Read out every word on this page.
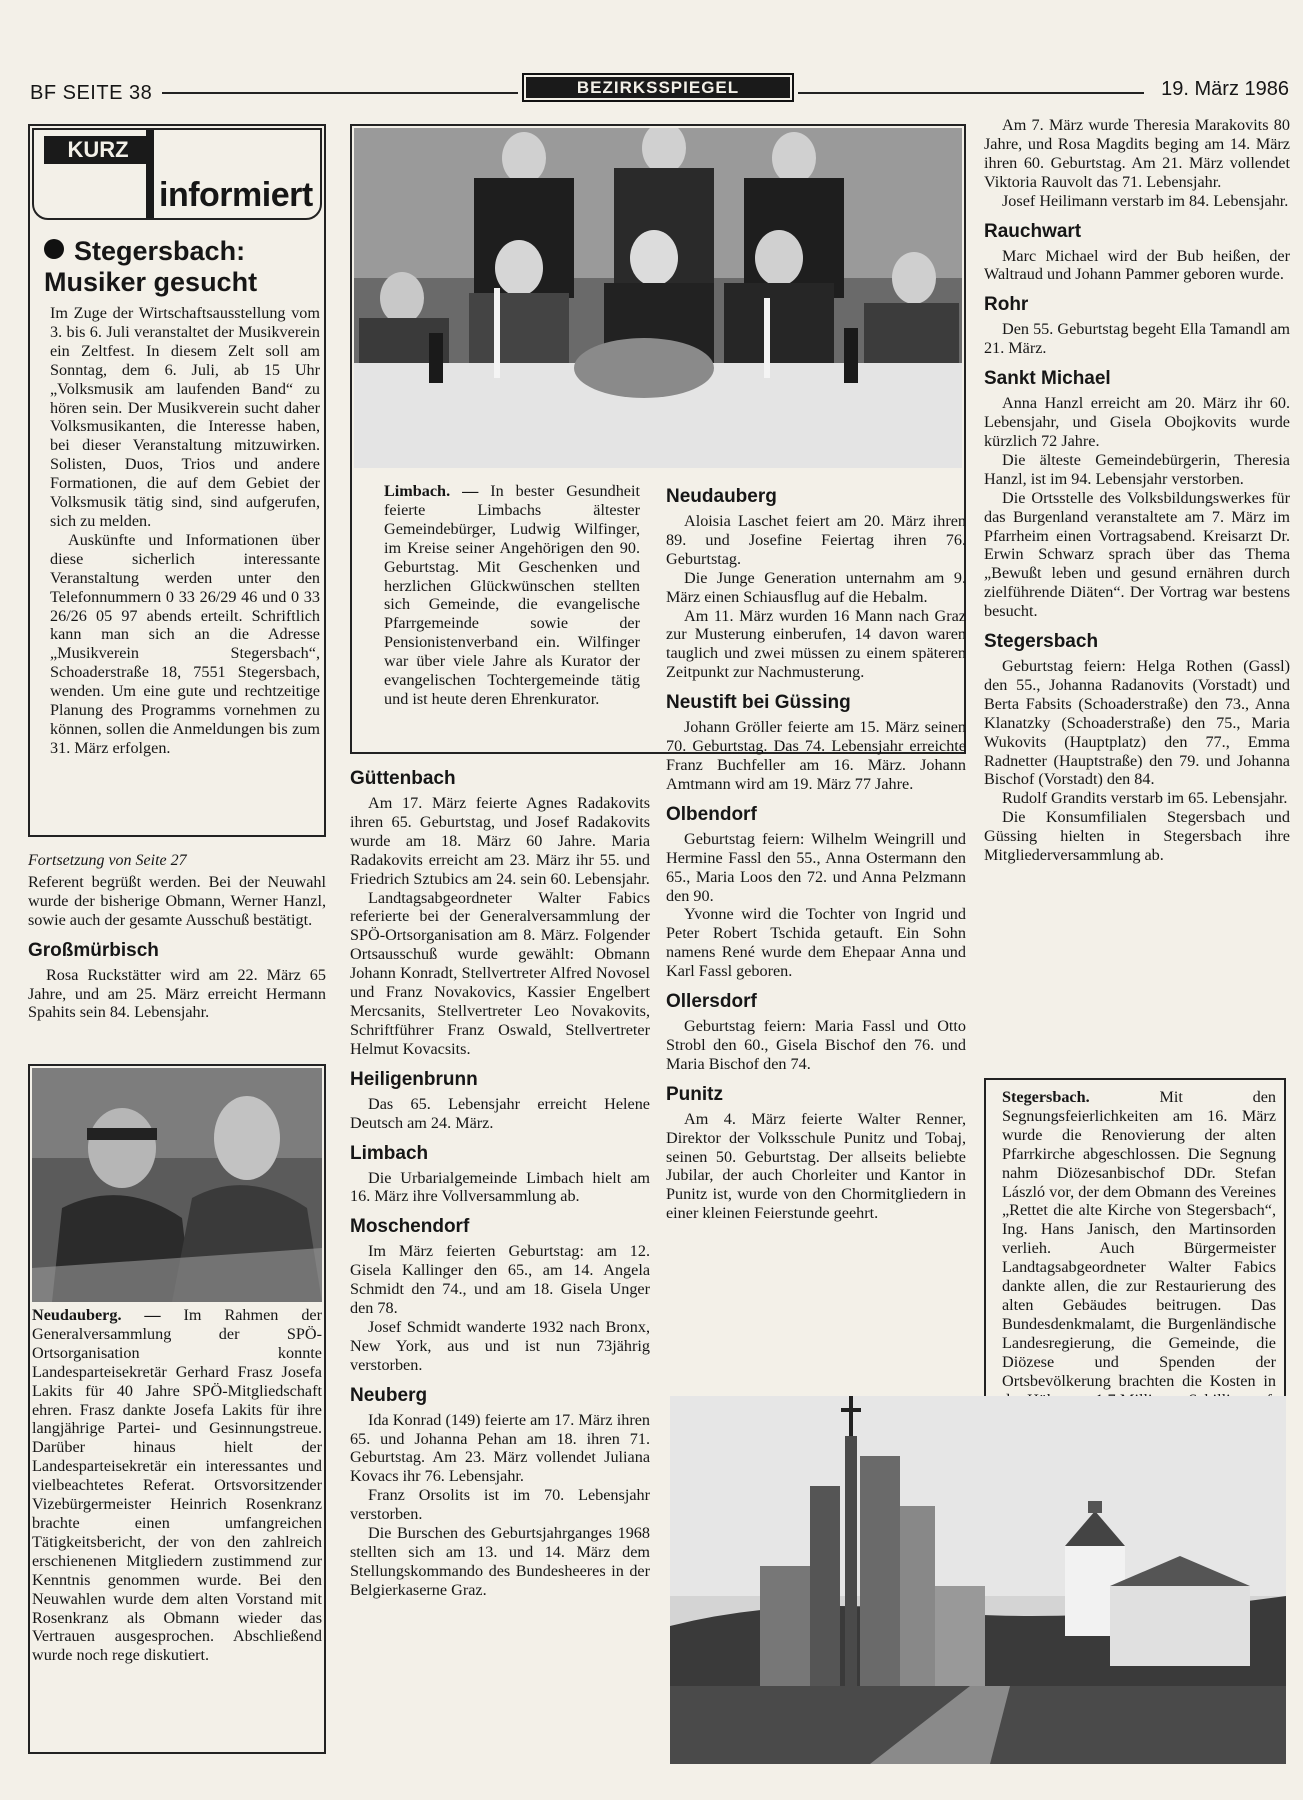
BF SEITE 38	BEZIRKSSPIEGEL	19. März 1986
KURZ
informiert
Stegersbach: Musiker gesucht

Im Zuge der Wirtschaftsausstellung vom 3. bis 6. Juli veranstaltet der Musikverein ein Zeltfest. In diesem Zelt soll am Sonntag, dem 6. Juli, ab 15 Uhr „Volksmusik am laufenden Band“ zu hören sein. Der Musikverein sucht daher Volksmusikanten, die Interesse haben, bei dieser Veranstaltung mitzuwirken. Solisten, Duos, Trios und andere Formationen, die auf dem Gebiet der Volksmusik tätig sind, sind aufgerufen, sich zu melden.

Auskünfte und Informationen über diese sicherlich interessante Veranstaltung werden unter den Telefonnummern 0 33 26/29 46 und 0 33 26/26 05 97 abends erteilt. Schriftlich kann man sich an die Adresse „Musikverein Stegersbach“, Schoaderstraße 18, 7551 Stegersbach, wenden. Um eine gute und rechtzeitige Planung des Programms vornehmen zu können, sollen die Anmeldungen bis zum 31. März erfolgen.

Fortsetzung von Seite 27

Referent begrüßt werden. Bei der Neuwahl wurde der bisherige Obmann, Werner Hanzl, sowie auch der gesamte Ausschuß bestätigt.

Großmürbisch

Rosa Ruckstätter wird am 22. März 65 Jahre, und am 25. März erreicht Hermann Spahits sein 84. Lebensjahr.

Neudauberg. — Im Rahmen der Generalversammlung der SPÖ-Ortsorganisation konnte Landesparteisekretär Gerhard Frasz Josefa Lakits für 40 Jahre SPÖ-Mitgliedschaft ehren. Frasz dankte Josefa Lakits für ihre langjährige Partei- und Gesinnungstreue. Darüber hinaus hielt der Landesparteisekretär ein interessantes und vielbeachtetes Referat. Ortsvorsitzender Vizebürgermeister Heinrich Rosenkranz brachte einen umfangreichen Tätigkeitsbericht, der von den zahlreich erschienenen Mitgliedern zustimmend zur Kenntnis genommen wurde. Bei den Neuwahlen wurde dem alten Vorstand mit Rosenkranz als Obmann wieder das Vertrauen ausgesprochen. Abschließend wurde noch rege diskutiert.

Limbach. — In bester Gesundheit feierte Limbachs ältester Gemeindebürger, Ludwig Wilfinger, im Kreise seiner Angehörigen den 90. Geburtstag. Mit Geschenken und herzlichen Glückwünschen stellten sich Gemeinde, die evangelische Pfarrgemeinde sowie der Pensionistenverband ein. Wilfinger war über viele Jahre als Kurator der evangelischen Tochtergemeinde tätig und ist heute deren Ehrenkurator.

Güttenbach

Am 17. März feierte Agnes Radakovits ihren 65. Geburtstag, und Josef Radakovits wurde am 18. März 60 Jahre. Maria Radakovits erreicht am 23. März ihr 55. und Friedrich Sztubics am 24. sein 60. Lebensjahr.

Landtagsabgeordneter Walter Fabics referierte bei der Generalversammlung der SPÖ-Ortsorganisation am 8. März. Folgender Ortsausschuß wurde gewählt: Obmann Johann Konradt, Stellvertreter Alfred Novosel und Franz Novakovics, Kassier Engelbert Mercsanits, Stellvertreter Leo Novakovits, Schriftführer Franz Oswald, Stellvertreter Helmut Kovacsits.

Heiligenbrunn

Das 65. Lebensjahr erreicht Helene Deutsch am 24. März.

Limbach

Die Urbarialgemeinde Limbach hielt am 16. März ihre Vollversammlung ab.

Moschendorf

Im März feierten Geburtstag: am 12. Gisela Kallinger den 65., am 14. Angela Schmidt den 74., und am 18. Gisela Unger den 78.

Josef Schmidt wanderte 1932 nach Bronx, New York, aus und ist nun 73jährig verstorben.

Neuberg

Ida Konrad (149) feierte am 17. März ihren 65. und Johanna Pehan am 18. ihren 71. Geburtstag. Am 23. März vollendet Juliana Kovacs ihr 76. Lebensjahr.

Franz Orsolits ist im 70. Lebensjahr verstorben.

Die Burschen des Geburtsjahrganges 1968 stellten sich am 13. und 14. März dem Stellungskommando des Bundesheeres in der Belgierkaserne Graz.

Neudauberg

Aloisia Laschet feiert am 20. März ihren 89. und Josefine Feiertag ihren 76. Geburtstag.

Die Junge Generation unternahm am 9. März einen Schiausflug auf die Hebalm.

Am 11. März wurden 16 Mann nach Graz zur Musterung einberufen, 14 davon waren tauglich und zwei müssen zu einem späteren Zeitpunkt zur Nachmusterung.

Neustift bei Güssing

Johann Gröller feierte am 15. März seinen 70. Geburtstag. Das 74. Lebensjahr erreichte Franz Buchfeller am 16. März. Johann Amtmann wird am 19. März 77 Jahre.

Olbendorf

Geburtstag feiern: Wilhelm Weingrill und Hermine Fassl den 55., Anna Ostermann den 65., Maria Loos den 72. und Anna Pelzmann den 90.

Yvonne wird die Tochter von Ingrid und Peter Robert Tschida getauft. Ein Sohn namens René wurde dem Ehepaar Anna und Karl Fassl geboren.

Ollersdorf

Geburtstag feiern: Maria Fassl und Otto Strobl den 60., Gisela Bischof den 76. und Maria Bischof den 74.

Punitz

Am 4. März feierte Walter Renner, Direktor der Volksschule Punitz und Tobaj, seinen 50. Geburtstag. Der allseits beliebte Jubilar, der auch Chorleiter und Kantor in Punitz ist, wurde von den Chormitgliedern in einer kleinen Feierstunde geehrt.

Am 7. März wurde Theresia Marakovits 80 Jahre, und Rosa Magdits beging am 14. März ihren 60. Geburtstag. Am 21. März vollendet Viktoria Rauvolt das 71. Lebensjahr.

Josef Heilimann verstarb im 84. Lebensjahr.

Rauchwart

Marc Michael wird der Bub heißen, der Waltraud und Johann Pammer geboren wurde.

Rohr

Den 55. Geburtstag begeht Ella Tamandl am 21. März.

Sankt Michael

Anna Hanzl erreicht am 20. März ihr 60. Lebensjahr, und Gisela Obojkovits wurde kürzlich 72 Jahre.

Die älteste Gemeindebürgerin, Theresia Hanzl, ist im 94. Lebensjahr verstorben.

Die Ortsstelle des Volksbildungswerkes für das Burgenland veranstaltete am 7. März im Pfarrheim einen Vortragsabend. Kreisarzt Dr. Erwin Schwarz sprach über das Thema „Bewußt leben und gesund ernähren durch zielführende Diäten“. Der Vortrag war bestens besucht.

Stegersbach

Geburtstag feiern: Helga Rothen (Gassl) den 55., Johanna Radanovits (Vorstadt) und Berta Fabsits (Schoaderstraße) den 73., Anna Klanatzky (Schoaderstraße) den 75., Maria Wukovits (Hauptplatz) den 77., Emma Radnetter (Hauptstraße) den 79. und Johanna Bischof (Vorstadt) den 84.

Rudolf Grandits verstarb im 65. Lebensjahr.

Die Konsumfilialen Stegersbach und Güssing hielten in Stegersbach ihre Mitgliederversammlung ab.

Stegersbach.	Mit den Segnungsfeierlichkeiten am 16. März wurde die Renovierung der alten Pfarrkirche abgeschlossen. Die Segnung nahm Diözesanbischof DDr. Stefan László vor, der dem Obmann des Vereines „Rettet die alte Kirche von Stegersbach“, Ing. Hans Janisch, den Martinsorden verlieh. Auch Bürgermeister Landtagsabgeordneter Walter Fabics dankte allen, die zur Restaurierung des alten Gebäudes beitrugen. Das Bundesdenkmalamt, die Burgenländische Landesregierung, die Gemeinde, die Diözese und Spenden der Ortsbevölkerung brachten die Kosten in
